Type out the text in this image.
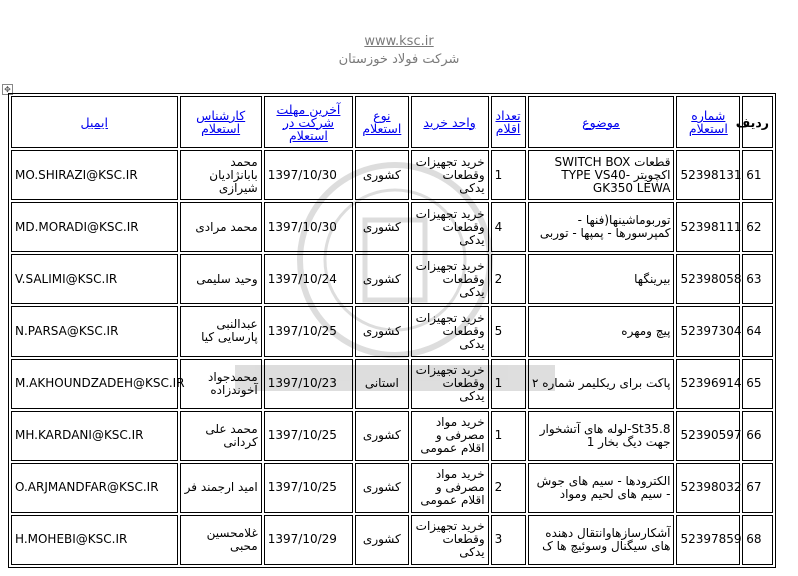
www.ksc.ir
شرکت فولاد خوزستان
✥
ردیف	شماره استعلام	موضوع	تعداد اقلام	واحد خرید	نوع استعلام	آخرین مهلت شرکت در استعلام	کارشناس استعلام	ایمیل
61	52398131	قطعات SWITCH BOX اکچویتر TYPE VS40-GK350 LEWA	1	خرید تجهیزات وقطعات یدکی	کشوری	1397/10/30	محمد بابانژادیان شیرازی	MO.SHIRAZI@KSC.IR
62	52398111	توربوماشینها(فنها - کمپرسورها - پمپها - توربی	4	خرید تجهیزات وقطعات یدکی	کشوری	1397/10/30	محمد مرادی	MD.MORADI@KSC.IR
63	52398058	بیرینگها	2	خرید تجهیزات وقطعات یدکی	کشوری	1397/10/24	وحید سلیمی	V.SALIMI@KSC.IR
64	52397304	پیچ ومهره	5	خرید تجهیزات وقطعات یدکی	کشوری	1397/10/25	عبدالنبی پارسایی کیا	N.PARSA@KSC.IR
65	52396914	پاکت برای ریکلیمر شماره ۲	1	خرید تجهیزات وقطعات یدکی	استانی	1397/10/23	محمدجواد آخوندزاده	M.AKHOUNDZADEH@KSC.IR
66	52390597	St35.8-لوله های آتشخوار جهت دیگ بخار 1	1	خرید مواد مصرفی و اقلام عمومی	کشوری	1397/10/25	محمد علی کردانی	MH.KARDANI@KSC.IR
67	52398032	الکترودها - سیم های جوش - سیم های لحیم ومواد	2	خرید مواد مصرفی و اقلام عمومی	کشوری	1397/10/25	امید ارجمند فر	O.ARJMANDFAR@KSC.IR
68	52397859	آشکارسازهاوانتقال دهنده های سیگنال وسوئیچ ها ک	3	خرید تجهیزات وقطعات یدکی	کشوری	1397/10/29	غلامحسین محبی	H.MOHEBI@KSC.IR
